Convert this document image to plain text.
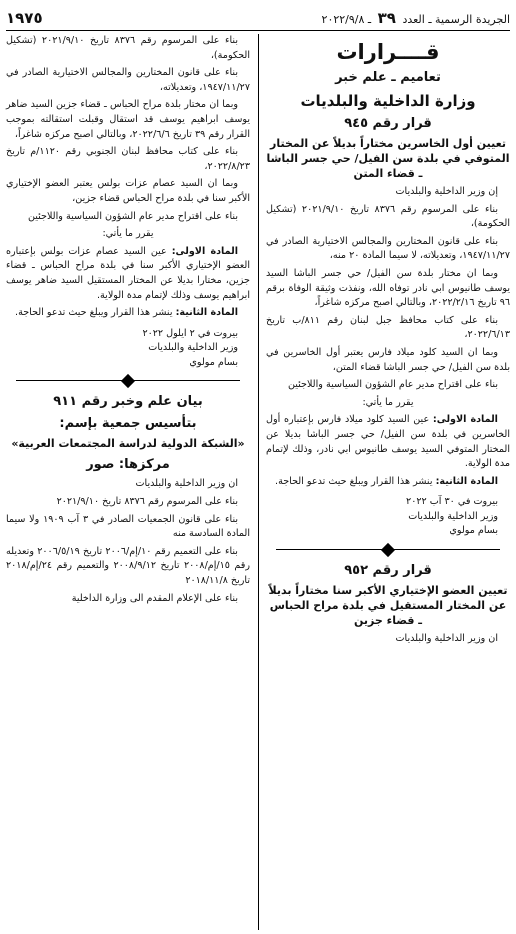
الجريدة الرسمية ـ العدد ٣٩ ـ ٢٠٢٢/٩/٨
١٩٧٥
قــــرارات
تعاميم ـ علم خبر
وزارة الداخلية والبلديات
قرار رقم ٩٤٥
تعيين أول الخاسرين مختاراً بديلاً عن المختار المتوفي في بلدة سن الفيل/ حي جسر الباشا ـ قضاء المتن

إن وزير الداخلية والبلديات

بناء على المرسوم رقم ٨٣٧٦ تاريخ ٢٠٢١/٩/١٠ (تشكيل الحكومة)،

بناء على قانون المختارين والمجالس الاختيارية الصادر في ١٩٤٧/١١/٢٧، وتعديلاته، لا سيما المادة ٢٠ منه،

وبما ان مختار بلدة سن الفيل/ حي جسر الباشا السيد يوسف طانيوس ابي نادر توفاه الله، ونفذت وثيقة الوفاة برقم ٩٦ تاريخ ٢٠٢٢/٢/١٦، وبالتالي اصبح مركزه شاغراً،

بناء على كتاب محافظ جبل لبنان رقم ٨١١/ب تاريخ ٢٠٢٢/٦/١٣،

وبما ان السيد كلود ميلاد فارس يعتبر أول الخاسرين في بلدة سن الفيل/ حي جسر الباشا قضاء المتن،

بناء على اقتراح مدير عام الشؤون السياسية واللاجئين

يقرر ما يأتي:

المادة الاولى: عين السيد كلود ميلاد فارس بإعتباره أول الخاسرين في بلدة سن الفيل/ حي جسر الباشا بديلا عن المختار المتوفي السيد يوسف طانيوس ابي نادر، وذلك لإتمام مدة الولاية.

المادة الثانية: ينشر هذا القرار ويبلغ حيث تدعو الحاجة.

بيروت في ٣٠ آب ٢٠٢٢

وزير الداخلية والبلديات

بسام مولوي

قرار رقم ٩٥٢
تعيين العضو الإختياري الأكبر سنا مختاراً بديلاً عن المختار المستقيل في بلدة مراح الحباس ـ قضاء جزين

ان وزير الداخلية والبلديات

بناء على المرسوم رقم ٨٣٧٦ تاريخ ٢٠٢١/٩/١٠ (تشكيل الحكومة)،

بناء على قانون المختارين والمجالس الاختيارية الصادر في ١٩٤٧/١١/٢٧، وتعديلاته،

وبما ان مختار بلدة مراح الحباس ـ قضاء جزين السيد ضاهر يوسف ابراهيم يوسف قد استقال وقبلت استقالته بموجب القرار رقم ٣٩ تاريخ ٢٠٢٢/٦/٦، وبالتالي اصبح مركزه شاغراً،

بناء على كتاب محافظ لبنان الجنوبي رقم ١١٢٠/م تاريخ ٢٠٢٢/٨/٢٣،

وبما ان السيد عصام عزات بولس يعتبر العضو الإختياري الأكبر سنا في بلدة مراح الحباس قضاء جزين،

بناء على اقتراح مدير عام الشؤون السياسية واللاجئين

يقرر ما يأتي:

المادة الاولى: عين السيد عصام عزات بولس بإعتباره العضو الإختياري الأكبر سنا في بلدة مراح الحباس ـ قضاء جزين، مختارا بديلا عن المختار المستقيل السيد ضاهر يوسف ابراهيم يوسف وذلك لإتمام مدة الولاية.

المادة الثانية: ينشر هذا القرار ويبلغ حيث تدعو الحاجة.

بيروت في ٢ ايلول ٢٠٢٢

وزير الداخلية والبلديات

بسام مولوي

بيان علم وخبر رقم ٩١١
بتأسيس جمعية بإسم:
«الشبكة الدولية لدراسة المجتمعات العربية»
مركزها: صور

ان وزير الداخلية والبلديات

بناء على المرسوم رقم ٨٣٧٦ تاريخ ٢٠٢١/٩/١٠

بناء على قانون الجمعيات الصادر في ٣ آب ١٩٠٩ ولا سيما المادة السادسة منه

بناء على التعميم رقم ١٠/إم/٢٠٠٦ تاريخ ٢٠٠٦/٥/١٩ وتعديله رقم ١٥/إم/٢٠٠٨ تاريخ ٢٠٠٨/٩/١٢ والتعميم رقم ٢٤/إم/٢٠١٨ تاريخ ٢٠١٨/١١/٨

بناء على الإعلام المقدم الى وزارة الداخلية
